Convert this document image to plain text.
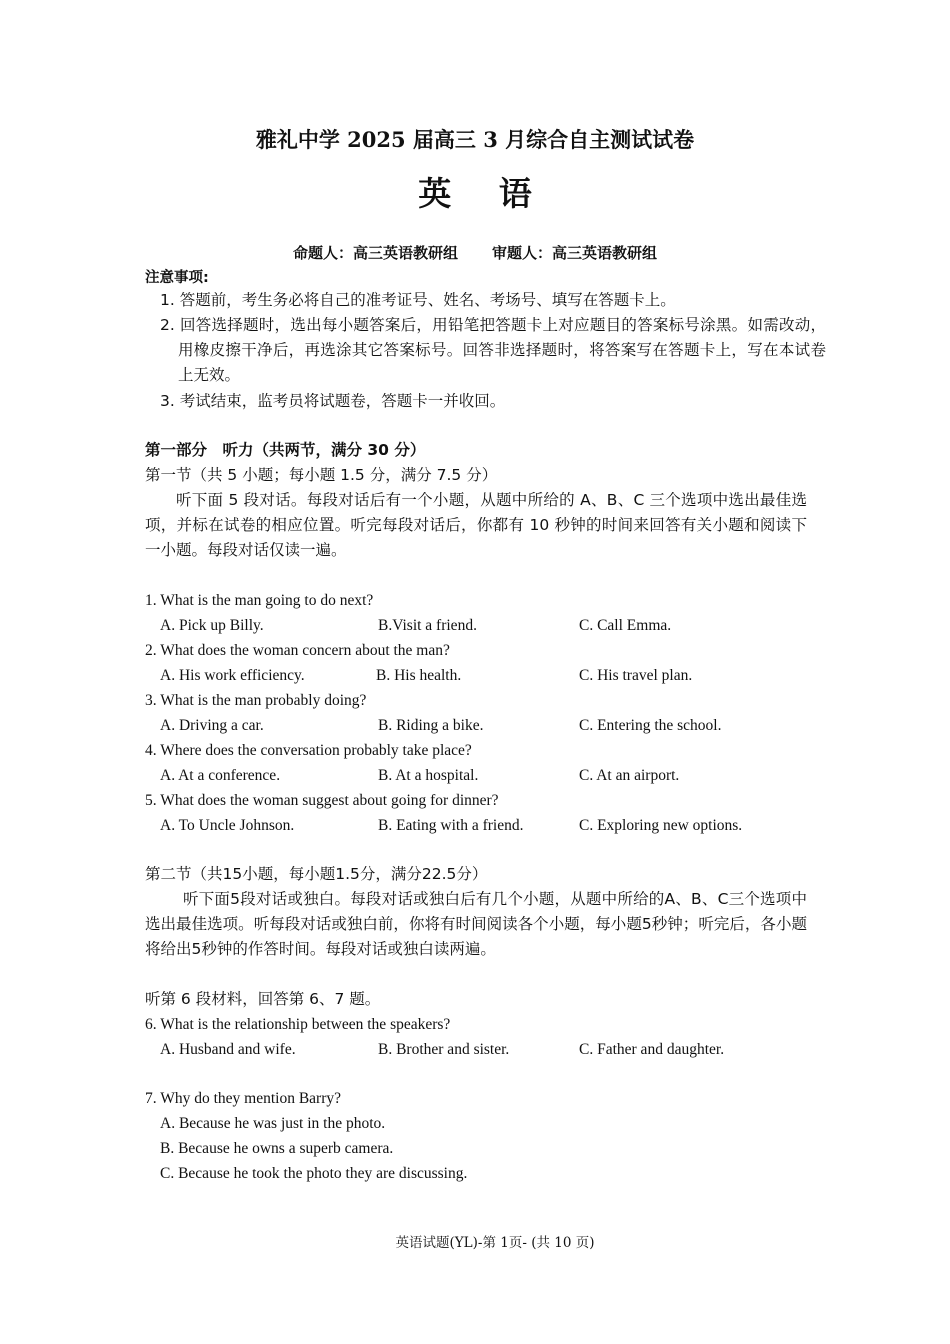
雅礼中学 2025 届高三 3 月综合自主测试试卷
英 语
命题人：高三英语教研组 审题人：高三英语教研组
注意事项:
1. 答题前，考生务必将自己的准考证号、姓名、考场号、填写在答题卡上。
2. 回答选择题时，选出每小题答案后，用铅笔把答题卡上对应题目的答案标号涂黑。如需改动，用橡皮擦干净后，再选涂其它答案标号。回答非选择题时，将答案写在答题卡上，写在本试卷上无效。
3. 考试结束，监考员将试题卷，答题卡一并收回。
第一部分　听力（共两节，满分 30 分）
第一节（共 5 小题；每小题 1.5 分，满分 7.5 分）
听下面 5 段对话。每段对话后有一个小题，从题中所给的 A、B、C 三个选项中选出最佳选项，并标在试卷的相应位置。听完每段对话后，你都有 10 秒钟的时间来回答有关小题和阅读下一小题。每段对话仅读一遍。
1. What is the man going to do next?
A. Pick up Billy.	B.Visit a friend.	C. Call Emma.
2. What does the woman concern about the man?
A. His work efficiency.	B. His health.	C. His travel plan.
3. What is the man probably doing?
A. Driving a car.	B. Riding a bike.	C. Entering the school.
4. Where does the conversation probably take place?
A. At a conference.	B. At a hospital.	C. At an airport.
5. What does the woman suggest about going for dinner?
A. To Uncle Johnson.	B. Eating with a friend.	C. Exploring new options.
第二节（共15小题，每小题1.5分，满分22.5分）
听下面5段对话或独白。每段对话或独白后有几个小题，从题中所给的A、B、C三个选项中选出最佳选项。听每段对话或独白前，你将有时间阅读各个小题，每小题5秒钟；听完后，各小题将给出5秒钟的作答时间。每段对话或独白读两遍。
听第 6 段材料，回答第 6、7 题。
6. What is the relationship between the speakers?
A. Husband and wife.	B. Brother and sister.	C. Father and daughter.
7. Why do they mention Barry?
A. Because he was just in the photo.
B. Because he owns a superb camera.
C. Because he took the photo they are discussing.
英语试题(YL)-第 1页- (共 10 页)
